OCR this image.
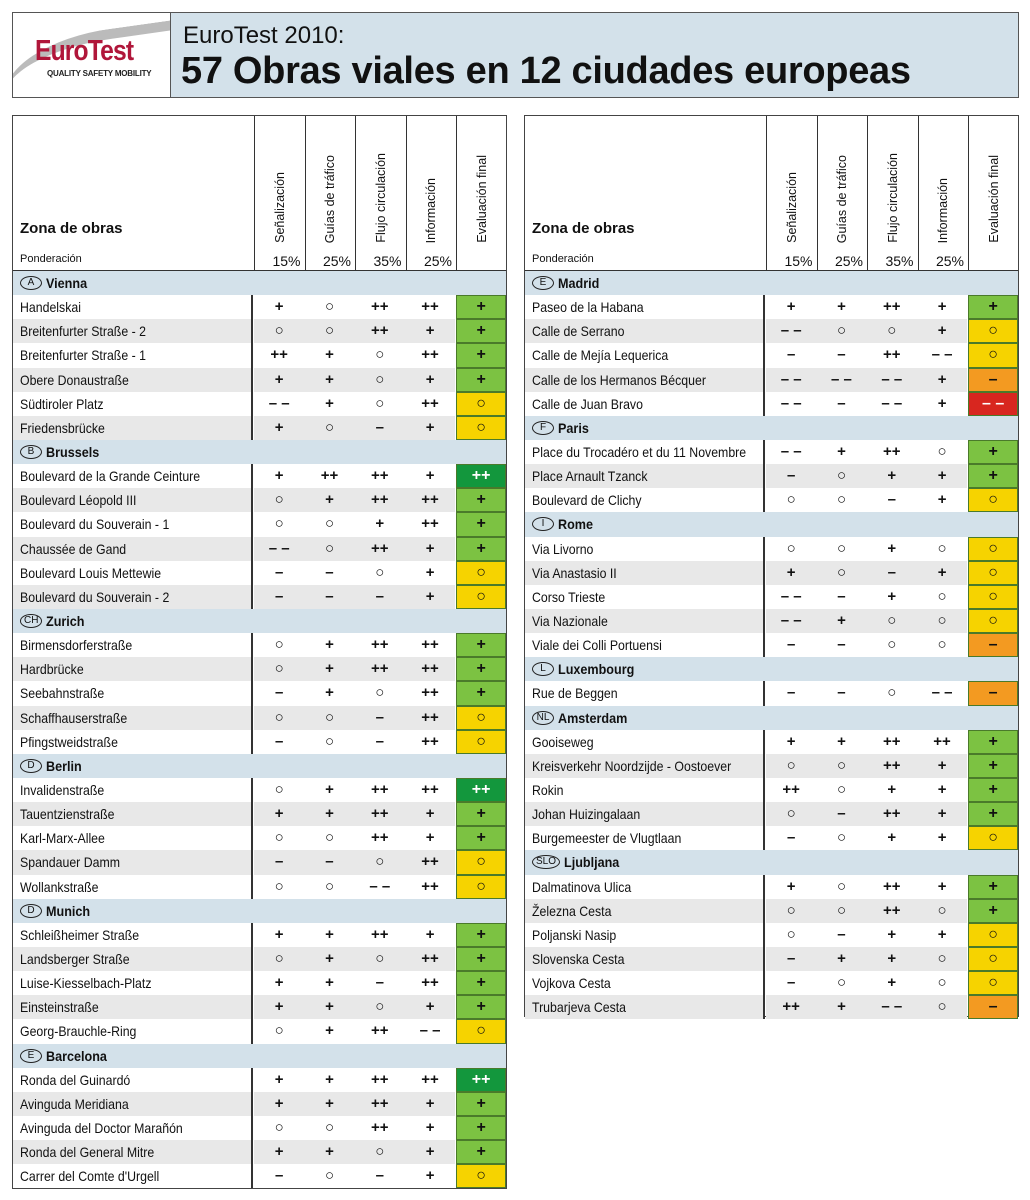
EuroTest
QUALITY SAFETY MOBILITY
EuroTest 2010:
57 Obras viales en 12 ciudades europeas
Zona de obras
Ponderación
Señalización
15%
Guías de tráfico
25%
Flujo circulación
35%
Información
25%
Evaluación final
A Vienna
Handelskai	+	○	++	++	+
Breitenfurter Straße - 2	○	○	++	+	+
Breitenfurter Straße - 1	++	+	○	++	+
Obere Donaustraße	+	+	○	+	+
Südtiroler Platz	– –	+	○	++	○
Friedensbrücke	+	○	–	+	○
B Brussels
Boulevard de la Grande Ceinture	+	++	++	+	++
Boulevard Léopold III	○	+	++	++	+
Boulevard du Souverain - 1	○	○	+	++	+
Chaussée de Gand	– –	○	++	+	+
Boulevard Louis Mettewie	–	–	○	+	○
Boulevard du Souverain - 2	–	–	–	+	○
CH Zurich
Birmensdorferstraße	○	+	++	++	+
Hardbrücke	○	+	++	++	+
Seebahnstraße	–	+	○	++	+
Schaffhauserstraße	○	○	–	++	○
Pfingstweidstraße	–	○	–	++	○
D Berlin
Invalidenstraße	○	+	++	++	++
Tauentzienstraße	+	+	++	+	+
Karl-Marx-Allee	○	○	++	+	+
Spandauer Damm	–	–	○	++	○
Wollankstraße	○	○	– –	++	○
D Munich
Schleißheimer Straße	+	+	++	+	+
Landsberger Straße	○	+	○	++	+
Luise-Kiesselbach-Platz	+	+	–	++	+
Einsteinstraße	+	+	○	+	+
Georg-Brauchle-Ring	○	+	++	– –	○
E Barcelona
Ronda del Guinardó	+	+	++	++	++
Avinguda Meridiana	+	+	++	+	+
Avinguda del Doctor Marañón	○	○	++	+	+
Ronda del General Mitre	+	+	○	+	+
Carrer del Comte d'Urgell	–	○	–	+	○
Zona de obras
Ponderación
Señalización
15%
Guías de tráfico
25%
Flujo circulación
35%
Información
25%
Evaluación final
E Madrid
Paseo de la Habana	+	+	++	+	+
Calle de Serrano	– –	○	○	+	○
Calle de Mejía Lequerica	–	–	++	– –	○
Calle de los Hermanos Bécquer	– –	– –	– –	+	–
Calle de Juan Bravo	– –	–	– –	+	– –
F Paris
Place du Trocadéro et du 11 Novembre	– –	+	++	○	+
Place Arnault Tzanck	–	○	+	+	+
Boulevard de Clichy	○	○	–	+	○
I Rome
Via Livorno	○	○	+	○	○
Via Anastasio II	+	○	–	+	○
Corso Trieste	– –	–	+	○	○
Via Nazionale	– –	+	○	○	○
Viale dei Colli Portuensi	–	–	○	○	–
L Luxembourg
Rue de Beggen	–	–	○	– –	–
NL Amsterdam
Gooiseweg	+	+	++	++	+
Kreisverkehr Noordzijde - Oostoever	○	○	++	+	+
Rokin	++	○	+	+	+
Johan Huizingalaan	○	–	++	+	+
Burgemeester de Vlugtlaan	–	○	+	+	○
SLO Ljubljana
Dalmatinova Ulica	+	○	++	+	+
Železna Cesta	○	○	++	○	+
Poljanski Nasip	○	–	+	+	○
Slovenska Cesta	–	+	+	○	○
Vojkova Cesta	–	○	+	○	○
Trubarjeva Cesta	++	+	– –	○	–
